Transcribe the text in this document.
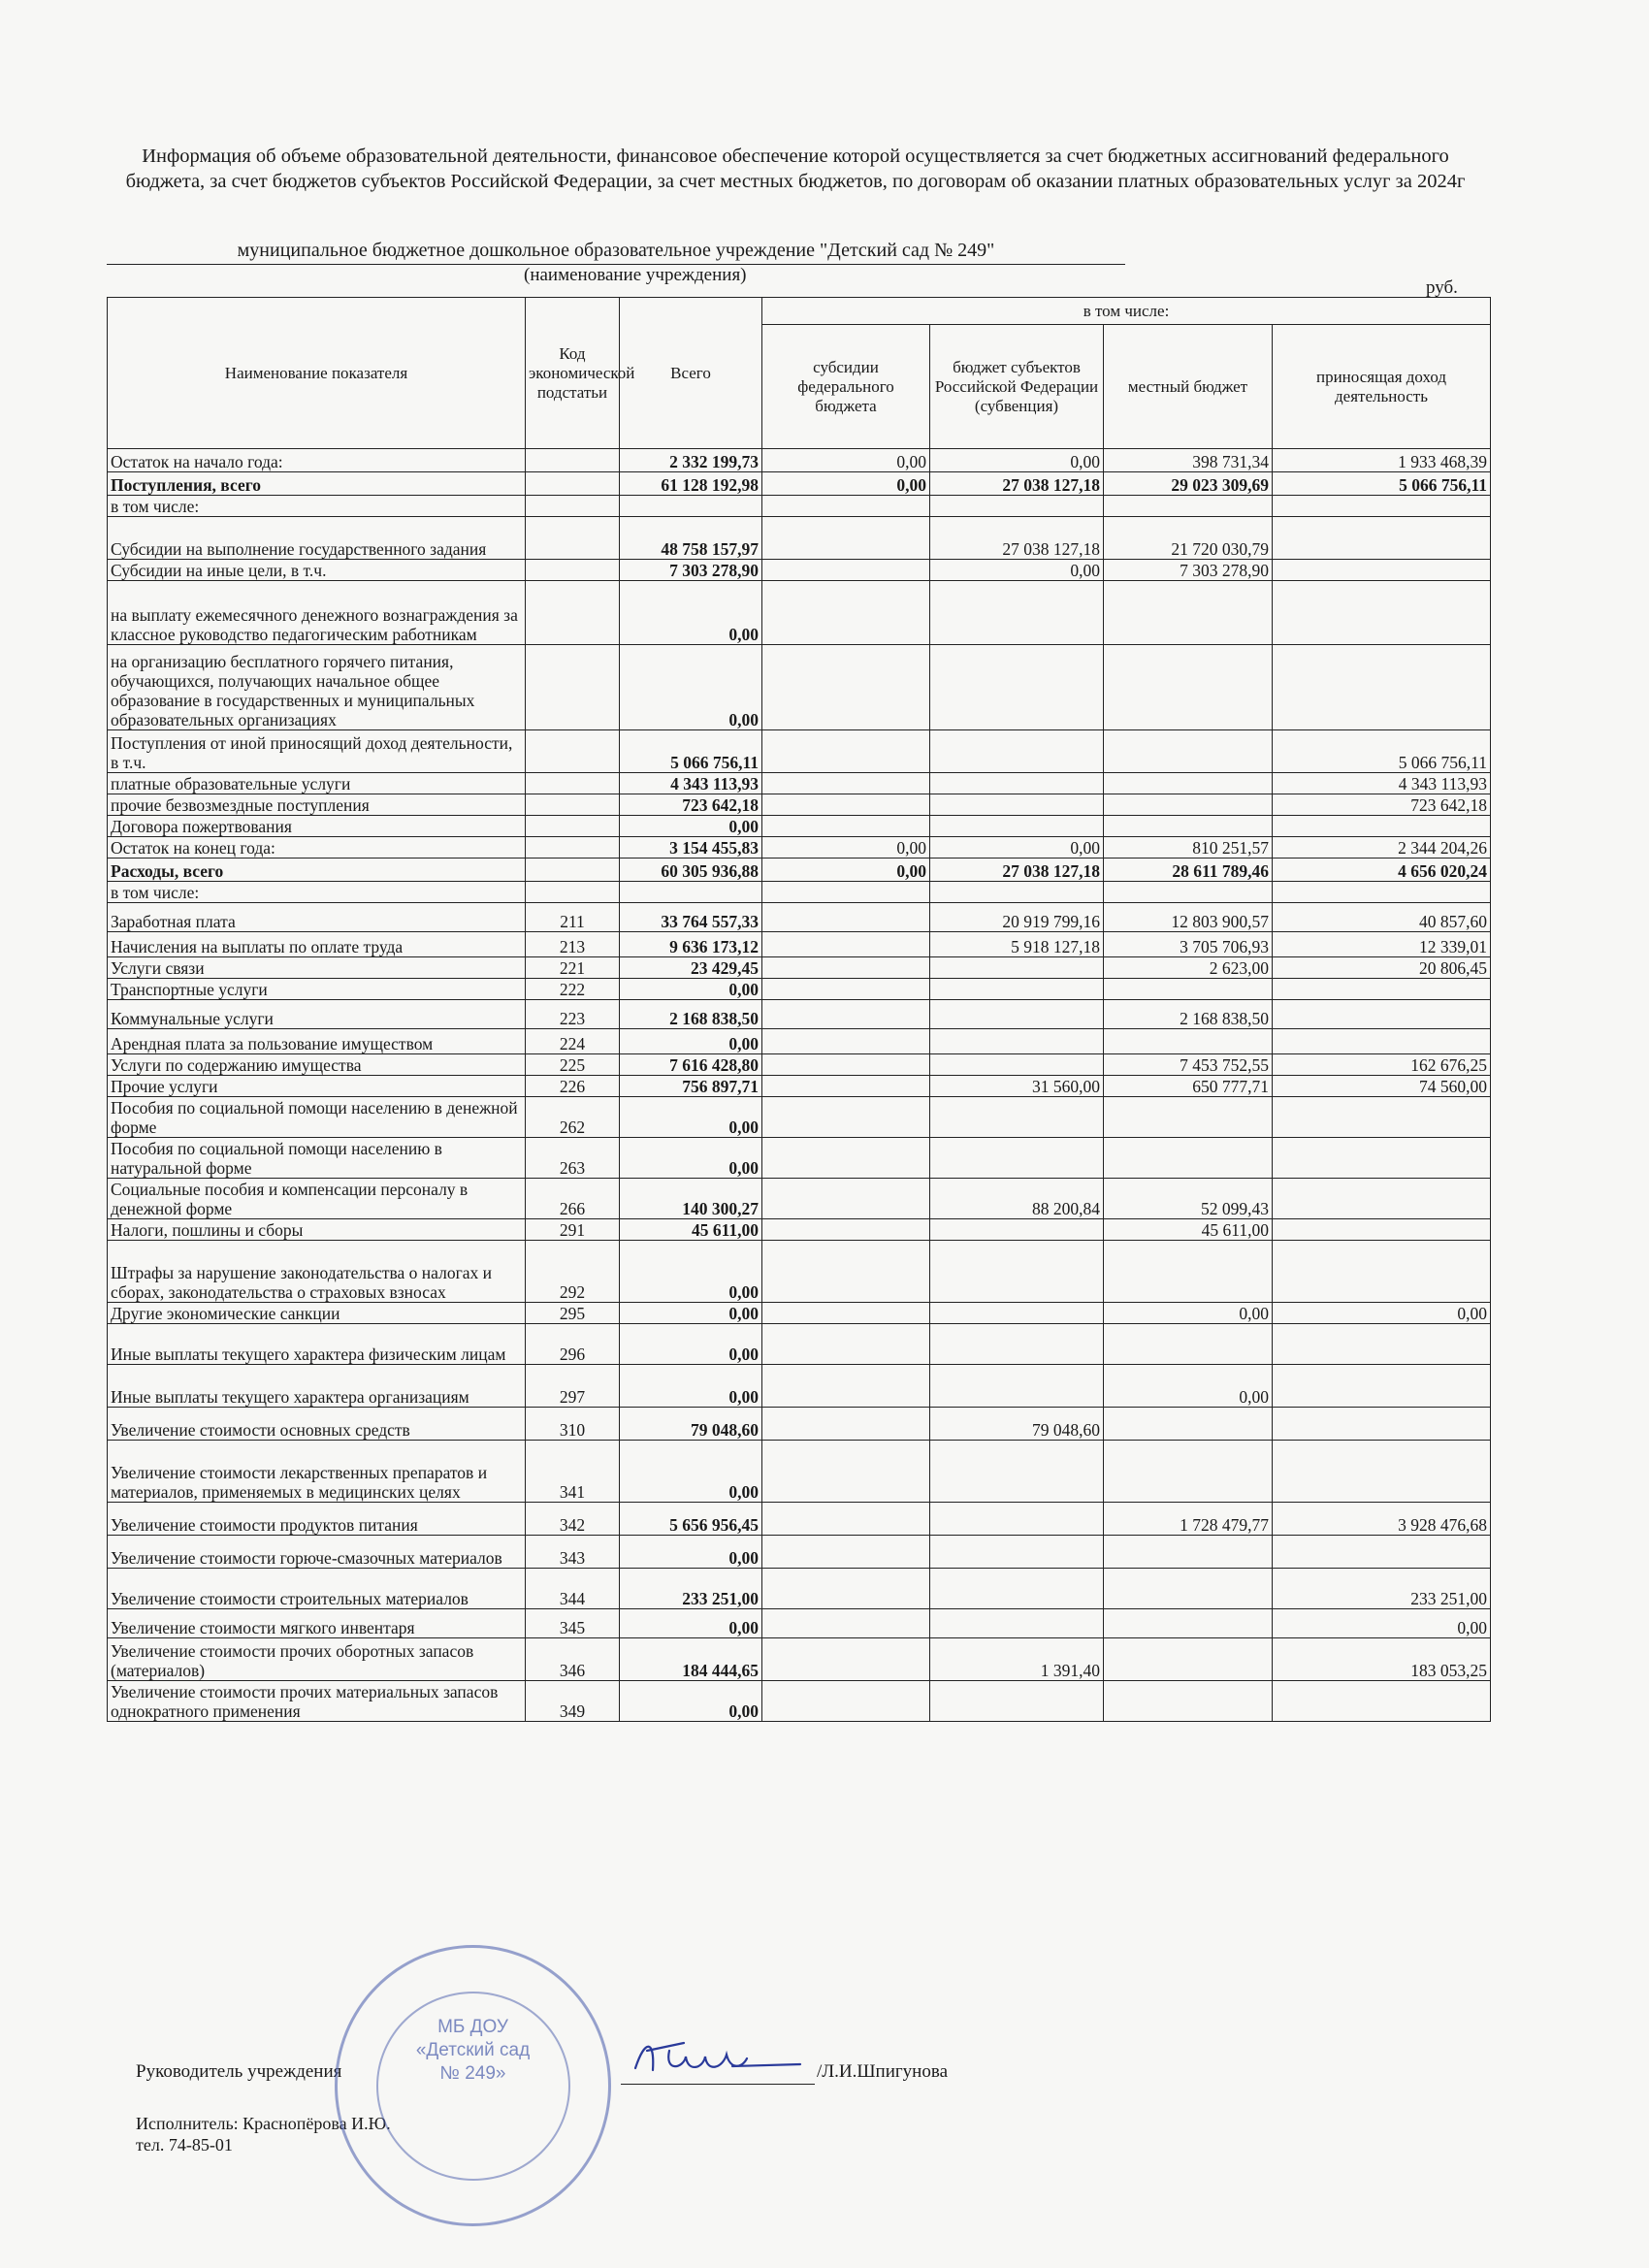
Информация об объеме образовательной деятельности, финансовое обеспечение которой осуществляется за счет бюджетных ассигнований федерального бюджета, за счет бюджетов субъектов Российской Федерации, за счет местных бюджетов, по договорам об оказании платных образовательных услуг за 2024г
муниципальное бюджетное дошкольное образовательное учреждение "Детский сад № 249"
(наименование учреждения)
руб.
Наименование показателя	Код экономической подстатьи	Всего	в том числе:			
			субсидии федерального бюджета	бюджет субъектов Российской Федерации (субвенция)	местный бюджет	приносящая доход деятельность
Остаток на начало года:		2 332 199,73	0,00	0,00	398 731,34	1 933 468,39
Поступления, всего		61 128 192,98	0,00	27 038 127,18	29 023 309,69	5 066 756,11
в том числе:						
Субсидии на выполнение государственного задания		48 758 157,97		27 038 127,18	21 720 030,79	
Субсидии на иные цели, в т.ч.		7 303 278,90		0,00	7 303 278,90	
на выплату ежемесячного денежного вознаграждения за классное руководство педагогическим работникам		0,00				
на организацию бесплатного горячего питания, обучающихся, получающих начальное общее образование в государственных и муниципальных образовательных организациях		0,00				
Поступления от иной приносящий доход деятельности, в т.ч.		5 066 756,11				5 066 756,11
платные образовательные услуги		4 343 113,93				4 343 113,93
прочие безвозмездные поступления		723 642,18				723 642,18
Договора пожертвования		0,00				
Остаток на конец года:		3 154 455,83	0,00	0,00	810 251,57	2 344 204,26
Расходы, всего		60 305 936,88	0,00	27 038 127,18	28 611 789,46	4 656 020,24
в том числе:						
Заработная плата	211	33 764 557,33		20 919 799,16	12 803 900,57	40 857,60
Начисления на выплаты по оплате труда	213	9 636 173,12		5 918 127,18	3 705 706,93	12 339,01
Услуги связи	221	23 429,45			2 623,00	20 806,45
Транспортные услуги	222	0,00				
Коммунальные услуги	223	2 168 838,50			2 168 838,50	
Арендная плата за пользование имуществом	224	0,00				
Услуги по содержанию имущества	225	7 616 428,80			7 453 752,55	162 676,25
Прочие услуги	226	756 897,71		31 560,00	650 777,71	74 560,00
Пособия по социальной помощи населению в денежной форме	262	0,00				
Пособия по социальной помощи населению в натуральной форме	263	0,00				
Социальные пособия и компенсации персоналу в денежной форме	266	140 300,27		88 200,84	52 099,43	
Налоги, пошлины и сборы	291	45 611,00			45 611,00	
Штрафы за нарушение законодательства о налогах и сборах, законодательства о страховых взносах	292	0,00				
Другие экономические санкции	295	0,00			0,00	0,00
Иные выплаты текущего характера физическим лицам	296	0,00				
Иные выплаты текущего характера организациям	297	0,00			0,00	
Увеличение стоимости основных средств	310	79 048,60		79 048,60		
Увеличение стоимости лекарственных препаратов и материалов, применяемых в медицинских целях	341	0,00				
Увеличение стоимости продуктов питания	342	5 656 956,45			1 728 479,77	3 928 476,68
Увеличение стоимости горюче-смазочных материалов	343	0,00				
Увеличение стоимости строительных материалов	344	233 251,00				233 251,00
Увеличение стоимости мягкого инвентаря	345	0,00				0,00
Увеличение стоимости прочих оборотных запасов (материалов)	346	184 444,65		1 391,40		183 053,25
Увеличение стоимости прочих материальных запасов однократного применения	349	0,00				
Руководитель учреждения	/Л.И.Шпигунова
Исполнитель: Краснопёрова И.Ю.
тел. 74-85-01
МБ ДОУ
«Детский сад
№ 249»
